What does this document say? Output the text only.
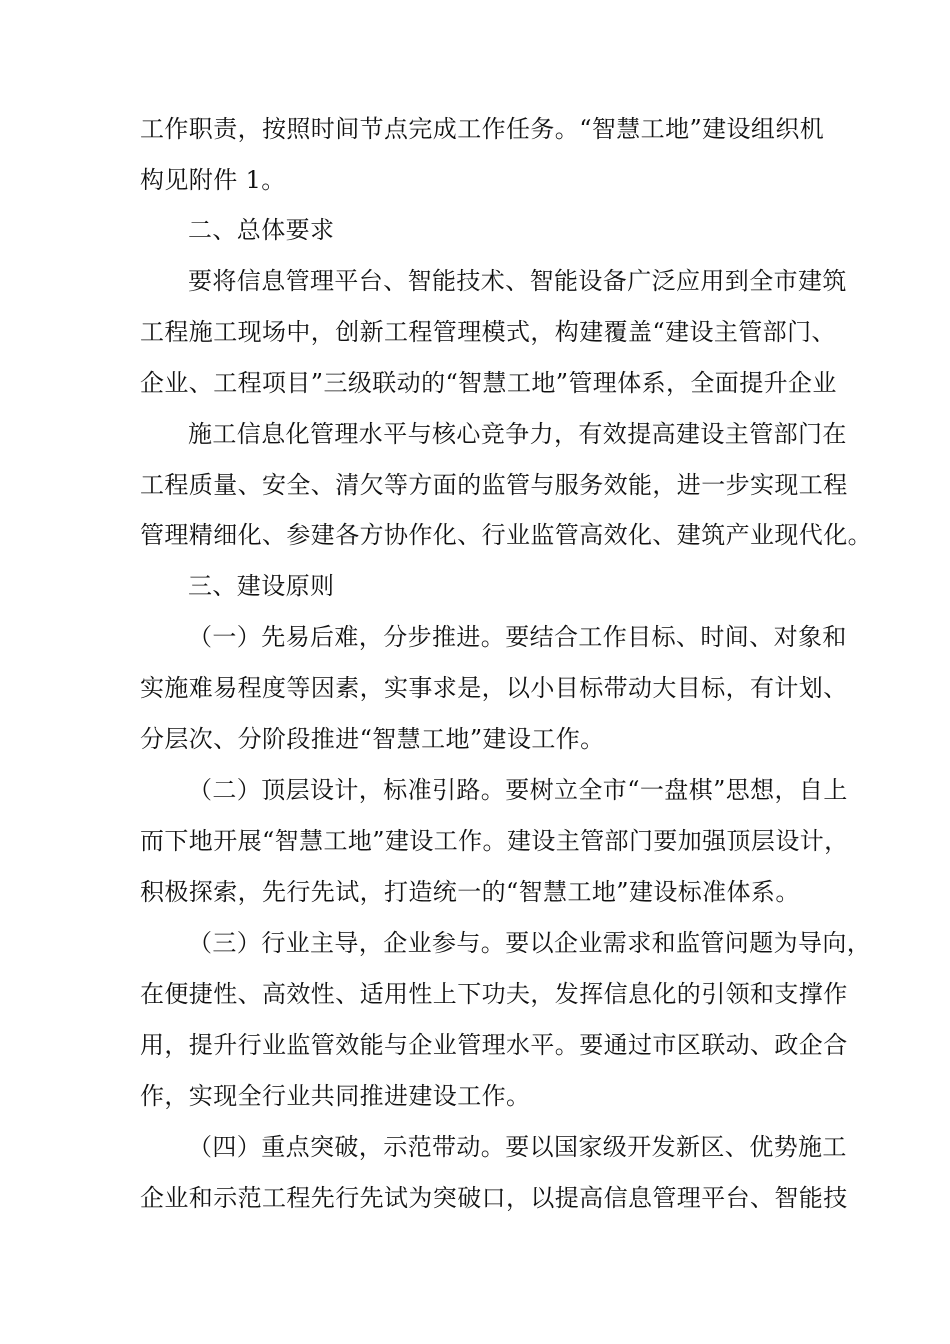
工作职责，按照时间节点完成工作任务。“智慧工地”建设组织机
构见附件 1。
二、总体要求
要将信息管理平台、智能技术、智能设备广泛应用到全市建筑
工程施工现场中，创新工程管理模式，构建覆盖“建设主管部门、
企业、工程项目”三级联动的“智慧工地”管理体系，全面提升企业
施工信息化管理水平与核心竞争力，有效提高建设主管部门在
工程质量、安全、清欠等方面的监管与服务效能，进一步实现工程
管理精细化、参建各方协作化、行业监管高效化、建筑产业现代化。
三、建设原则
（一）先易后难，分步推进。要结合工作目标、时间、对象和
实施难易程度等因素，实事求是，以小目标带动大目标，有计划、
分层次、分阶段推进“智慧工地”建设工作。
（二）顶层设计，标准引路。要树立全市“一盘棋”思想，自上
而下地开展“智慧工地”建设工作。建设主管部门要加强顶层设计，
积极探索，先行先试，打造统一的“智慧工地”建设标准体系。
（三）行业主导，企业参与。要以企业需求和监管问题为导向，
在便捷性、高效性、适用性上下功夫，发挥信息化的引领和支撑作
用，提升行业监管效能与企业管理水平。要通过市区联动、政企合
作，实现全行业共同推进建设工作。
（四）重点突破，示范带动。要以国家级开发新区、优势施工
企业和示范工程先行先试为突破口，以提高信息管理平台、智能技
